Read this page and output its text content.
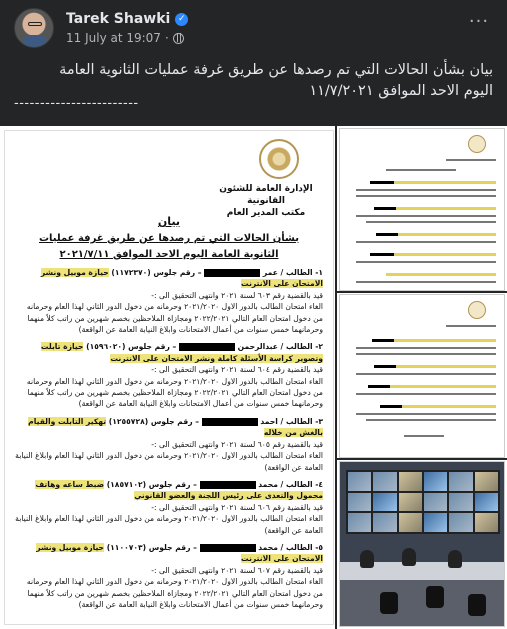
Tarek Shawki ✓
11 July at 19:07 ·
···
بيان بشأن الحالات التي تم رصدها عن طريق غرفة عمليات الثانوية العامة
اليوم الاحد الموافق ١١/٧/٢٠٢١
------------------------
الإدارة العامة للشئون القانونية
مكتب المدير العام
بيان
بشأن الحالات التي تم رصدها عن طريق غرفة عمليات
الثانوية العامة اليوم الاحد الموافق ٢٠٢١/٧/١١

١- الطالب / عمر  – رقم جلوس (١١٧٢٣٧٠) حيازة موبيل ونشر الامتحان على الانترنت

قيد بالقضية رقم ٦٠٣ لسنة ٢٠٢١ وانتهى التحقيق الى :-

الغاء امتحان الطالب بالدور الاول ٢٠٢١/٢٠٢٠ وحرمانه من دخول الدور الثاني لهذا العام وحرمانه من دخول امتحان العام التالي ٢٠٢٢/٢٠٢١ ومجازاة الملاحظين بخصم شهرين من راتب كلاً منهما وحرمانهما خمس سنوات من أعمال الامتحانات وابلاغ النيابة العامة عن الواقعة)

٢- الطالب / عبدالرحمن  – رقم جلوس (١٥٩٦٠٢٠) حيازة تابلت وتصوير كراسة الأسئلة كاملة ونشر الامتحان على الانترنت

قيد بالقضية رقم ٦٠٤ لسنة ٢٠٢١ وانتهى التحقيق الى :-

الغاء امتحان الطالب بالدور الاول ٢٠٢١/٢٠٢٠ وحرمانه من دخول الدور الثاني لهذا العام وحرمانه من دخول امتحان العام التالي ٢٠٢٢/٢٠٢١ ومجازاة الملاحظين بخصم شهرين من راتب كلاً منهما وحرمانهما خمس سنوات من أعمال الامتحانات وابلاغ النيابة العامة عن الواقعة)

٣- الطالب / احمد  – رقم جلوس (١٢٥٥٧٢٨) تهكير التابلت والقيام بالغش من خلاله

قيد بالقضية رقم ٦٠٥ لسنة ٢٠٢١ وانتهى التحقيق الى :-

الغاء امتحان الطالب بالدور الاول ٢٠٢١/٢٠٢٠ وحرمانه من دخول الدور الثاني لهذا العام وابلاغ النيابة العامة عن الواقعة)

٤- الطالب / محمد  – رقم جلوس (١٨٥٧١٠٢) ضبط ساعه وهاتف محمول والتعدى على رئيس اللجنة والعضو القانوني

قيد بالقضية رقم ٦٠٦ لسنة ٢٠٢١ وانتهى التحقيق الى :-

الغاء امتحان الطالب بالدور الاول ٢٠٢١/٢٠٢٠ وحرمانه من دخول الدور الثاني لهذا العام وابلاغ النيابة العامة عن الواقعة)

٥- الطالب / محمد  – رقم جلوس (١١٠٠٧٠٣) حيازة موبيل ونشر الامتحان على الانترنت

قيد بالقضية رقم ٦٠٧ لسنة ٢٠٢١ وانتهى التحقيق الى :-

الغاء امتحان الطالب بالدور الاول ٢٠٢١/٢٠٢٠ وحرمانه من دخول الدور الثاني لهذا العام وحرمانه من دخول امتحان العام التالي ٢٠٢٢/٢٠٢١ ومجازاة الملاحظين بخصم شهرين من راتب كلاً منهما وحرمانهما خمس سنوات من أعمال الامتحانات وابلاغ النيابة العامة عن الواقعة)
